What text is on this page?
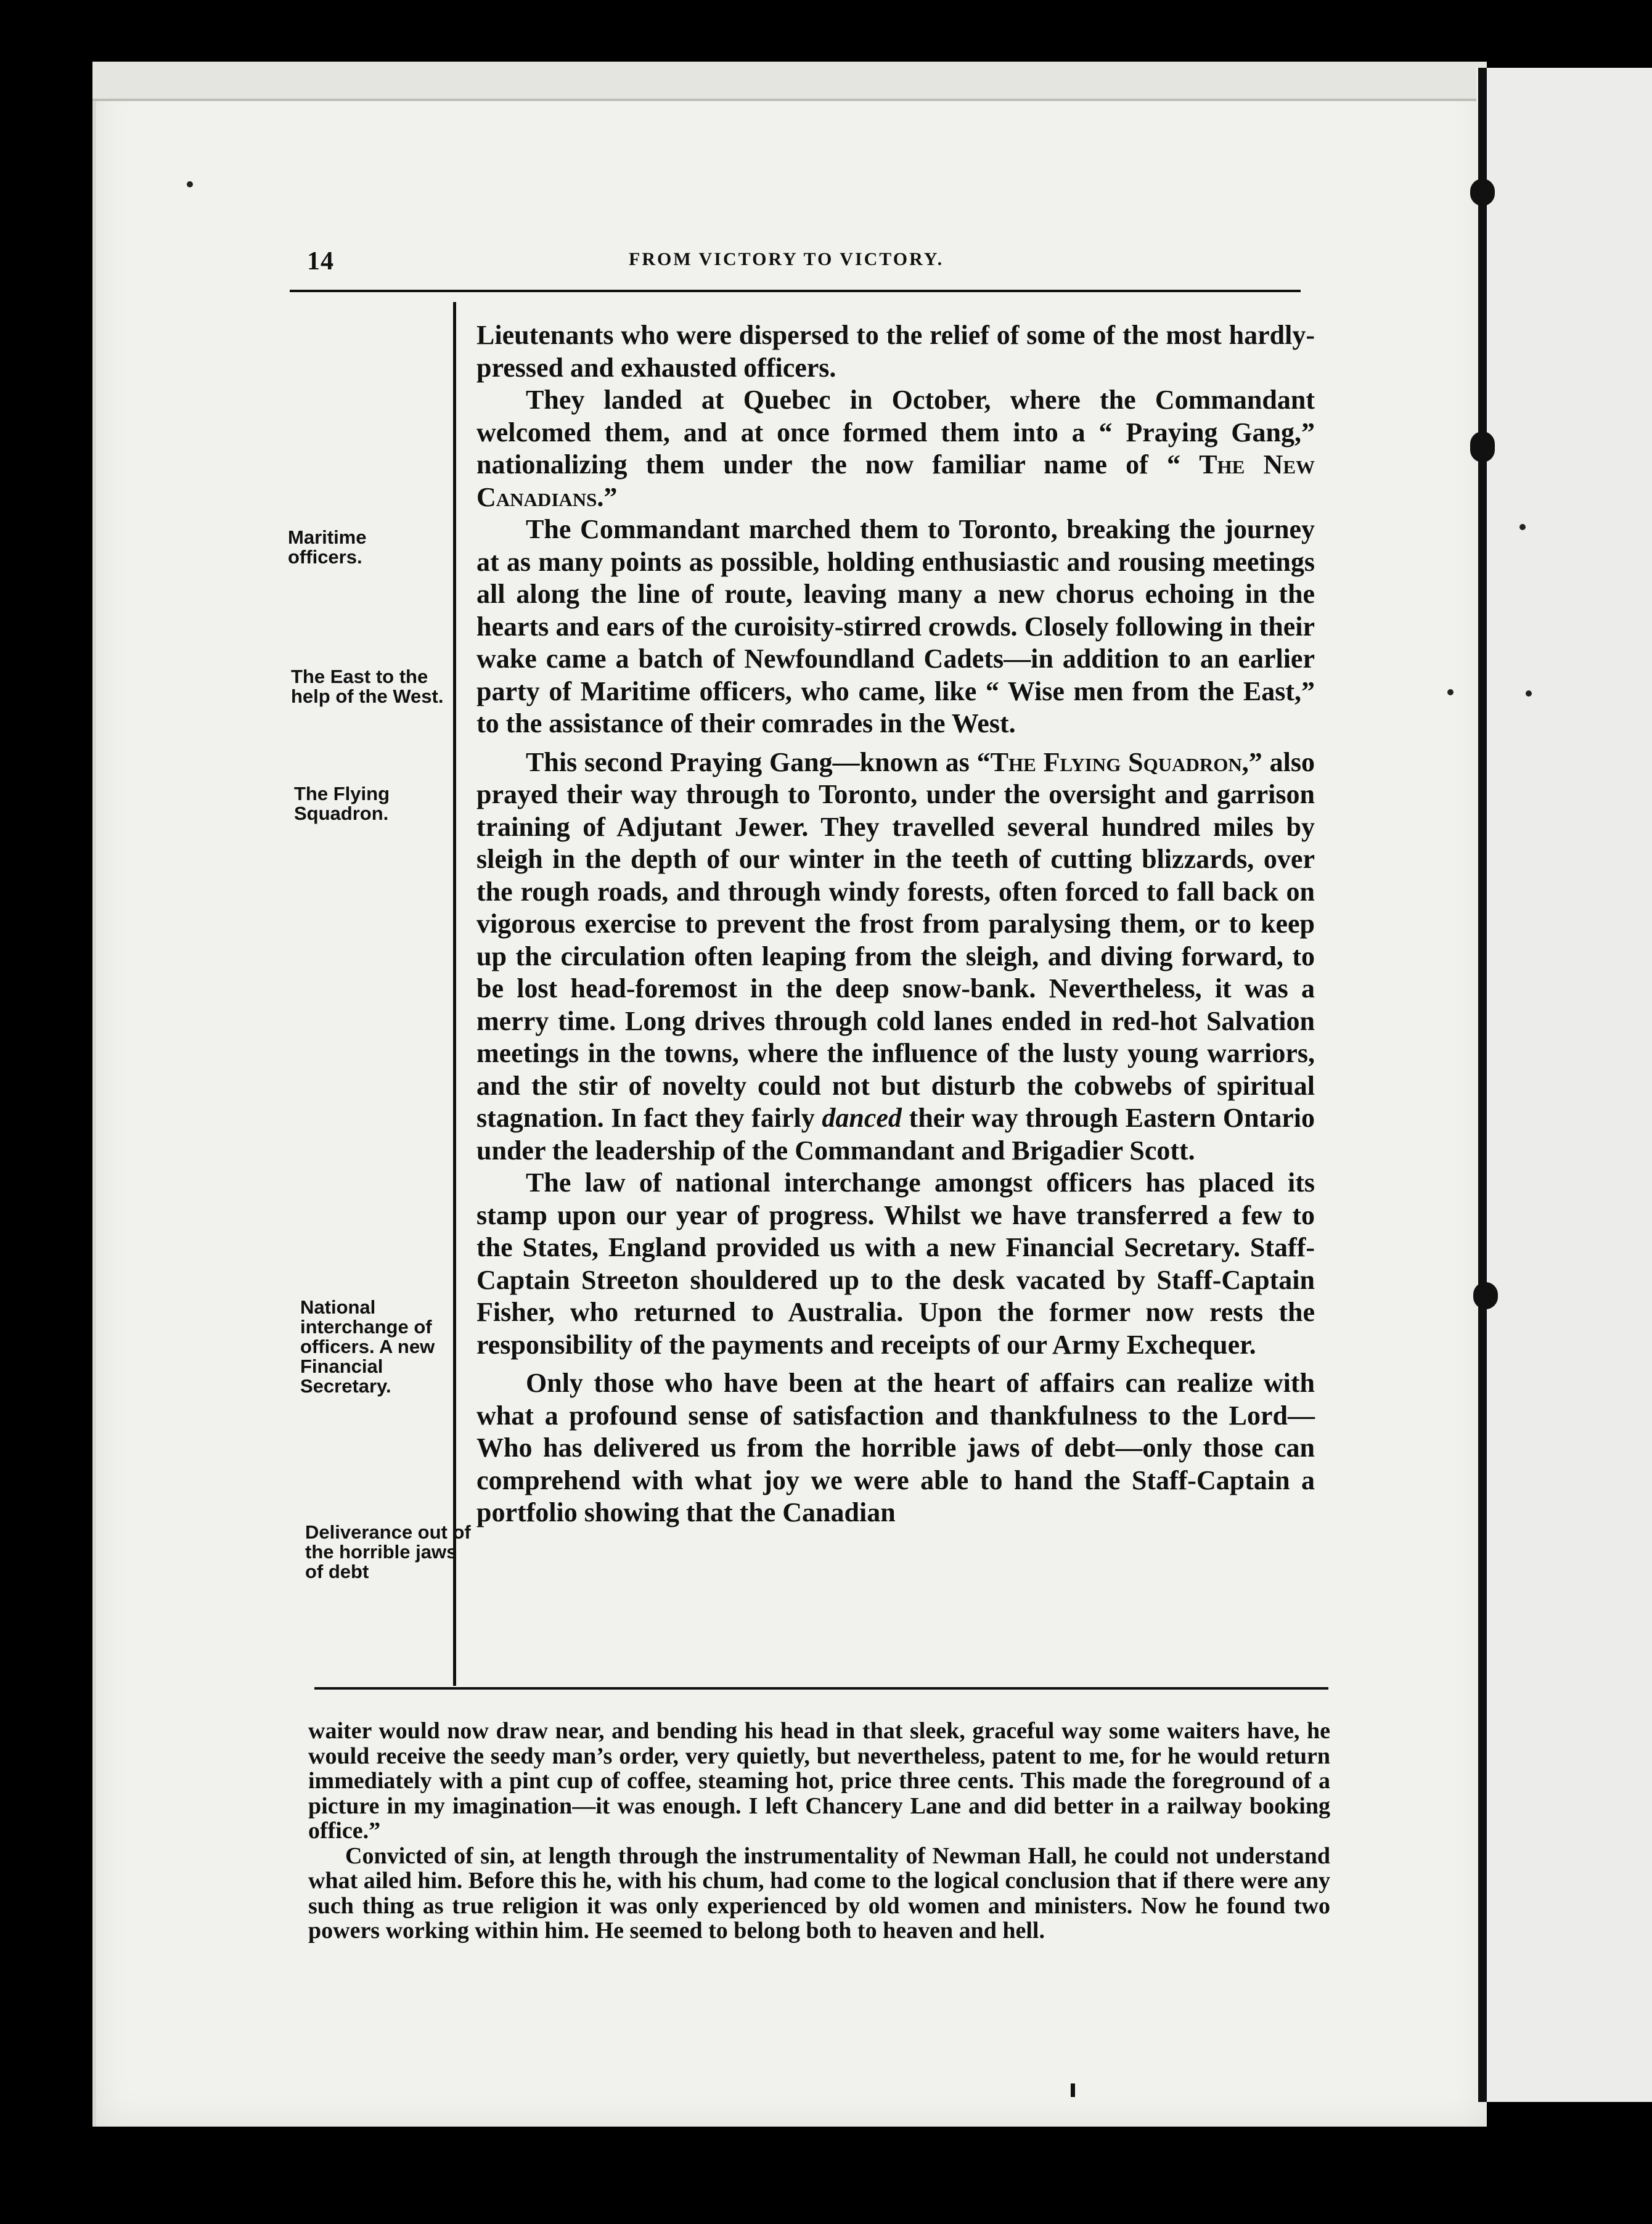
14	FROM VICTORY TO VICTORY.
Maritime officers.
The East to the help of the West.
The Flying Squadron.
National interchange of officers. A new Financial Secretary.
Deliverance out of the horrible jaws of debt

Lieutenants who were dispersed to the relief of some of the most hardly-pressed and exhausted officers.

They landed at Quebec in October, where the Commandant welcomed them, and at once formed them into a “ Praying Gang,” nationalizing them under the now familiar name of “ The New Canadians.”

The Commandant marched them to Toronto, breaking the journey at as many points as possible, holding enthusiastic and rousing meetings all along the line of route, leaving many a new chorus echoing in the hearts and ears of the curoisity-stirred crowds. Closely following in their wake came a batch of Newfoundland Cadets—in addition to an earlier party of Maritime officers, who came, like “ Wise men from the East,” to the assistance of their comrades in the West.

This second Praying Gang—known as “The Flying Squadron,” also prayed their way through to Toronto, under the oversight and garrison training of Adjutant Jewer. They travelled several hundred miles by sleigh in the depth of our winter in the teeth of cutting blizzards, over the rough roads, and through windy forests, often forced to fall back on vigorous exercise to prevent the frost from paralysing them, or to keep up the circulation often leaping from the sleigh, and diving forward, to be lost head-foremost in the deep snow-bank. Nevertheless, it was a merry time. Long drives through cold lanes ended in red-hot Salvation meetings in the towns, where the influence of the lusty young warriors, and the stir of novelty could not but disturb the cobwebs of spiritual stagnation. In fact they fairly danced their way through Eastern Ontario under the leadership of the Commandant and Brigadier Scott.

The law of national interchange amongst officers has placed its stamp upon our year of progress. Whilst we have transferred a few to the States, England provided us with a new Financial Secretary. Staff-Captain Streeton shouldered up to the desk vacated by Staff-Captain Fisher, who returned to Australia. Upon the former now rests the responsibility of the payments and receipts of our Army Exchequer.

Only those who have been at the heart of affairs can realize with what a profound sense of satisfaction and thankfulness to the Lord—Who has delivered us from the horrible jaws of debt—only those can comprehend with what joy we were able to hand the Staff-Captain a portfolio showing that the Canadian

waiter would now draw near, and bending his head in that sleek, graceful way some waiters have, he would receive the seedy man’s order, very quietly, but nevertheless, patent to me, for he would return immediately with a pint cup of coffee, steaming hot, price three cents. This made the foreground of a picture in my imagination—it was enough. I left Chancery Lane and did better in a railway booking office.”

Convicted of sin, at length through the instrumentality of Newman Hall, he could not understand what ailed him. Before this he, with his chum, had come to the logical conclusion that if there were any such thing as true religion it was only experienced by old women and ministers. Now he found two powers working within him. He seemed to belong both to heaven and hell.
